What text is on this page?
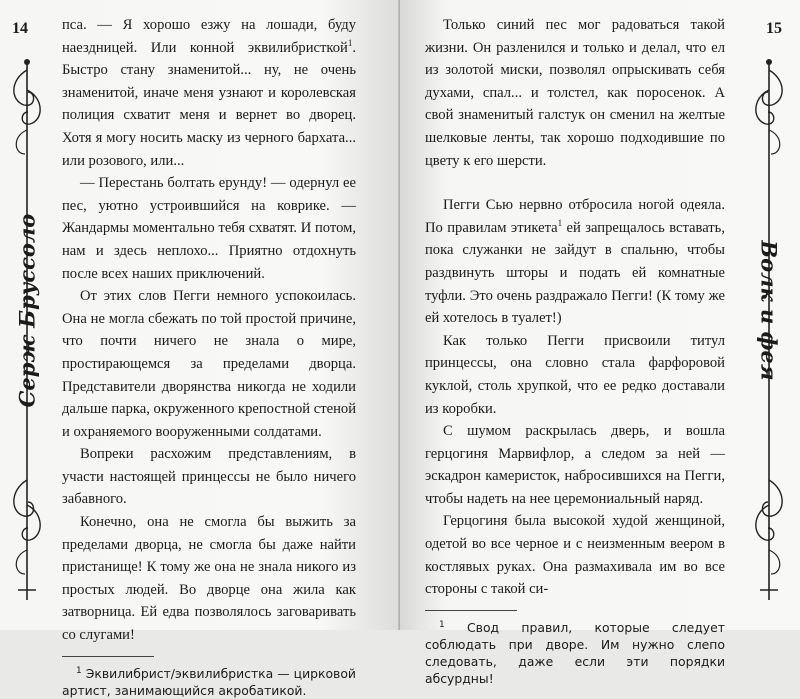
14
Серж Бруссоло

пса. — Я хорошо езжу на лошади, буду наездницей. Или конной эквилибристкой$^1$. Быстро стану знаменитой... ну, не очень знаменитой, иначе меня узнают и королевская полиция схватит меня и вернет во дворец. Хотя я могу носить маску из черного бархата... или розового, или...

— Перестань болтать ерунду! — одернул ее пес, уютно устроившийся на коврике. — Жандармы моментально тебя схватят. И потом, нам и здесь неплохо... Приятно отдохнуть после всех наших приключений.

От этих слов Пегги немного успокоилась. Она не могла сбежать по той простой причине, что почти ничего не знала о мире, простирающемся за пределами дворца. Представители дворянства никогда не ходили дальше парка, окруженного крепостной стеной и охраняемого вооруженными солдатами.

Вопреки расхожим представлениям, в участи настоящей принцессы не было ничего забавного.

Конечно, она не смогла бы выжить за пределами дворца, не смогла бы даже найти пристанище! К тому же она не знала никого из простых людей. Во дворце она жила как затворница. Ей едва позволялось заговаривать со слугами!

$^1$ Эквилибрист/эквилибристка — цирковой артист, занимающийся акробатикой.
15
Волк и фея

Только синий пес мог радоваться такой жизни. Он разленился и только и делал, что ел из золотой миски, позволял опрыскивать себя духами, спал... и толстел, как поросенок. А свой знаменитый галстук он сменил на желтые шелковые ленты, так хорошо подходившие по цвету к его шерсти.

Пегги Сью нервно отбросила ногой одеяла. По правилам этикета$^1$ ей запрещалось вставать, пока служанки не зайдут в спальню, чтобы раздвинуть шторы и подать ей комнатные туфли. Это очень раздражало Пегги! (К тому же ей хотелось в туалет!)

Как только Пегги присвоили титул принцессы, она словно стала фарфоровой куклой, столь хрупкой, что ее редко доставали из коробки.

С шумом раскрылась дверь, и вошла герцогиня Марвифлор, а следом за ней — эскадрон камеристок, набросившихся на Пегги, чтобы надеть на нее церемониальный наряд.

Герцогиня была высокой худой женщиной, одетой во все черное и с неизменным веером в костлявых руках. Она размахивала им во все стороны с такой си-

$^1$ Свод правил, которые следует соблюдать при дворе. Им нужно слепо следовать, даже если эти порядки абсурдны!
